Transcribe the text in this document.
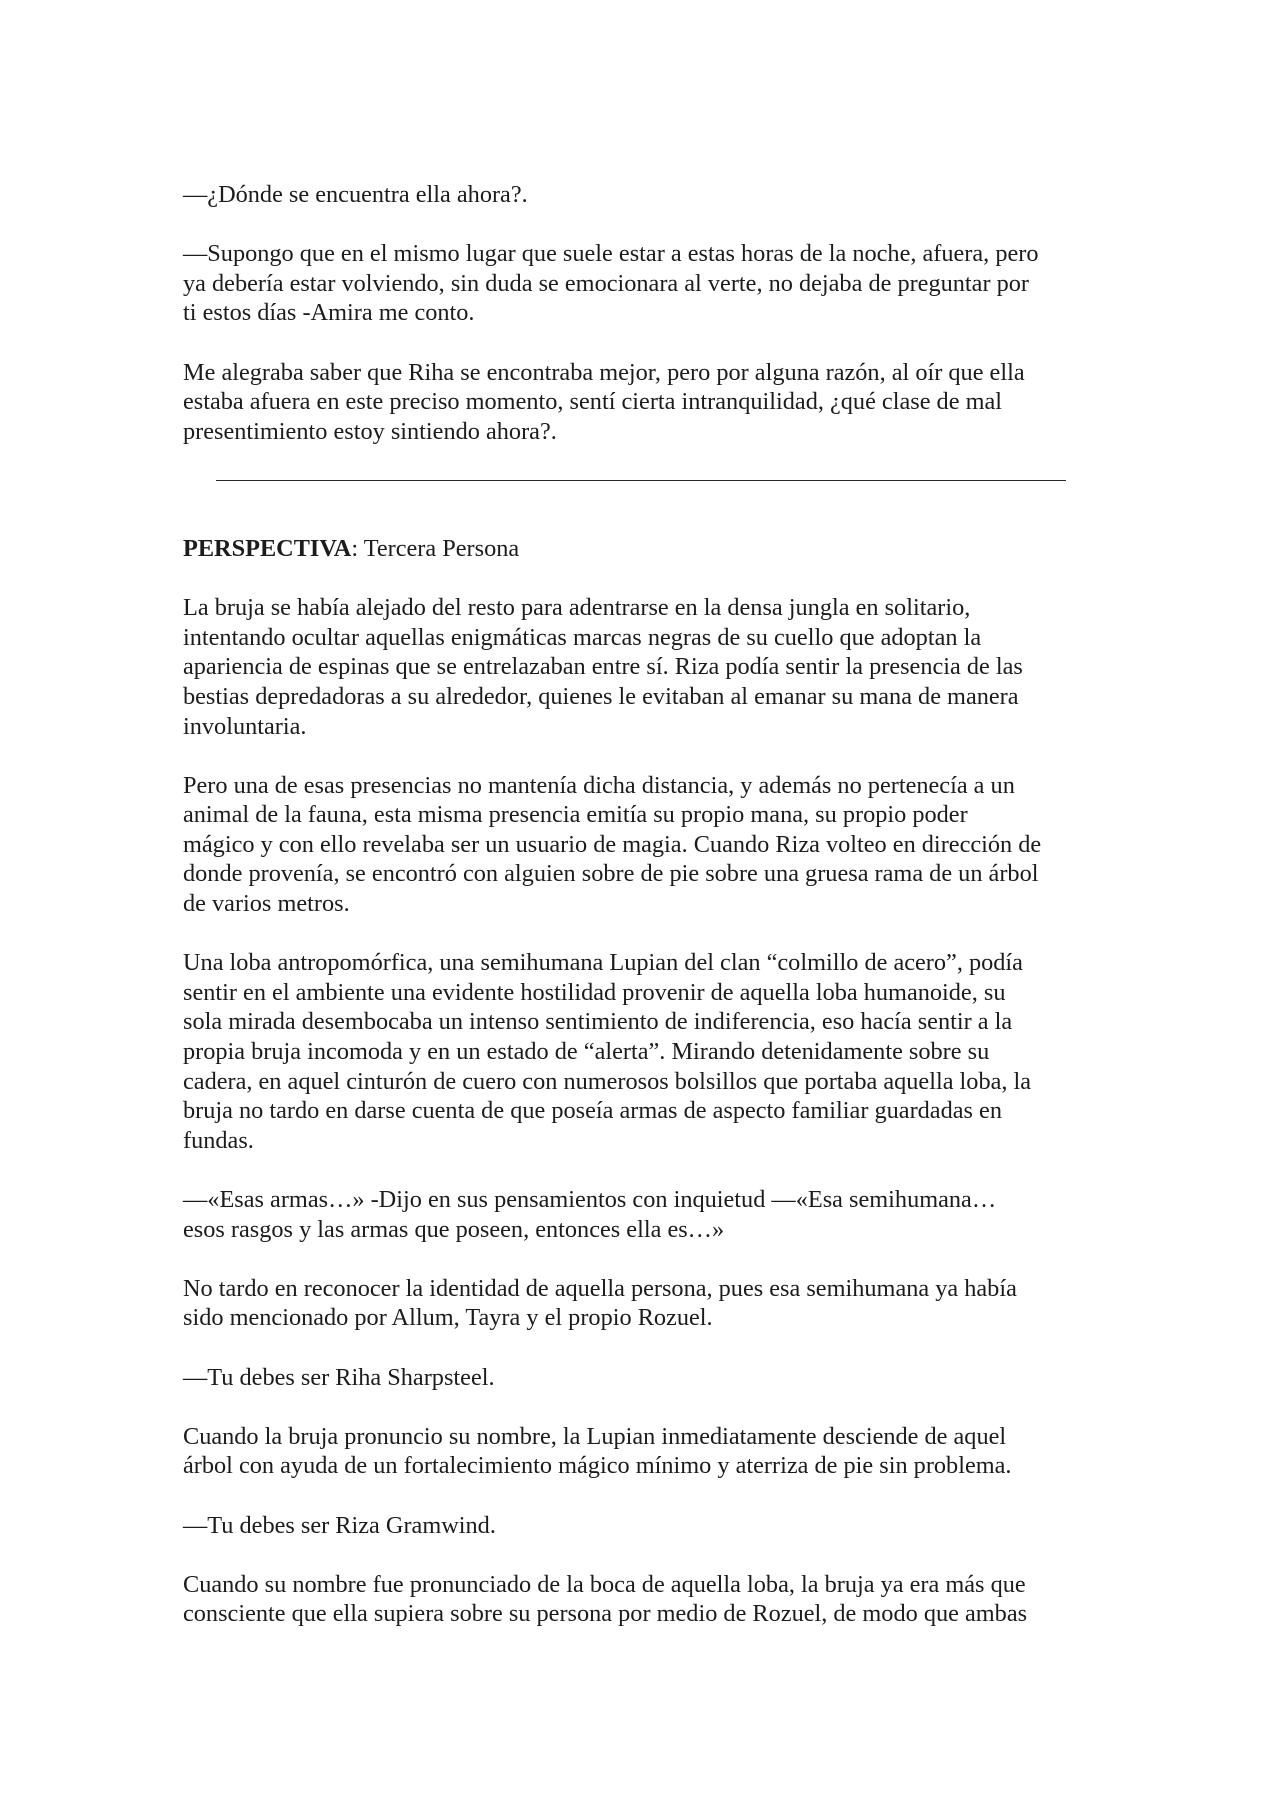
—¿Dónde se encuentra ella ahora?.

—Supongo que en el mismo lugar que suele estar a estas horas de la noche, afuera, pero
ya debería estar volviendo, sin duda se emocionara al verte, no dejaba de preguntar por
ti estos días -Amira me conto.

Me alegraba saber que Riha se encontraba mejor, pero por alguna razón, al oír que ella
estaba afuera en este preciso momento, sentí cierta intranquilidad, ¿qué clase de mal
presentimiento estoy sintiendo ahora?.

PERSPECTIVA: Tercera Persona

La bruja se había alejado del resto para adentrarse en la densa jungla en solitario,
intentando ocultar aquellas enigmáticas marcas negras de su cuello que adoptan la
apariencia de espinas que se entrelazaban entre sí. Riza podía sentir la presencia de las
bestias depredadoras a su alrededor, quienes le evitaban al emanar su mana de manera
involuntaria.

Pero una de esas presencias no mantenía dicha distancia, y además no pertenecía a un
animal de la fauna, esta misma presencia emitía su propio mana, su propio poder
mágico y con ello revelaba ser un usuario de magia. Cuando Riza volteo en dirección de
donde provenía, se encontró con alguien sobre de pie sobre una gruesa rama de un árbol
de varios metros.

Una loba antropomórfica, una semihumana Lupian del clan “colmillo de acero”, podía
sentir en el ambiente una evidente hostilidad provenir de aquella loba humanoide, su
sola mirada desembocaba un intenso sentimiento de indiferencia, eso hacía sentir a la
propia bruja incomoda y en un estado de “alerta”. Mirando detenidamente sobre su
cadera, en aquel cinturón de cuero con numerosos bolsillos que portaba aquella loba, la
bruja no tardo en darse cuenta de que poseía armas de aspecto familiar guardadas en
fundas.

—«Esas armas…» -Dijo en sus pensamientos con inquietud —«Esa semihumana…
esos rasgos y las armas que poseen, entonces ella es…»

No tardo en reconocer la identidad de aquella persona, pues esa semihumana ya había
sido mencionado por Allum, Tayra y el propio Rozuel.

—Tu debes ser Riha Sharpsteel.

Cuando la bruja pronuncio su nombre, la Lupian inmediatamente desciende de aquel
árbol con ayuda de un fortalecimiento mágico mínimo y aterriza de pie sin problema.

—Tu debes ser Riza Gramwind.

Cuando su nombre fue pronunciado de la boca de aquella loba, la bruja ya era más que
consciente que ella supiera sobre su persona por medio de Rozuel, de modo que ambas
